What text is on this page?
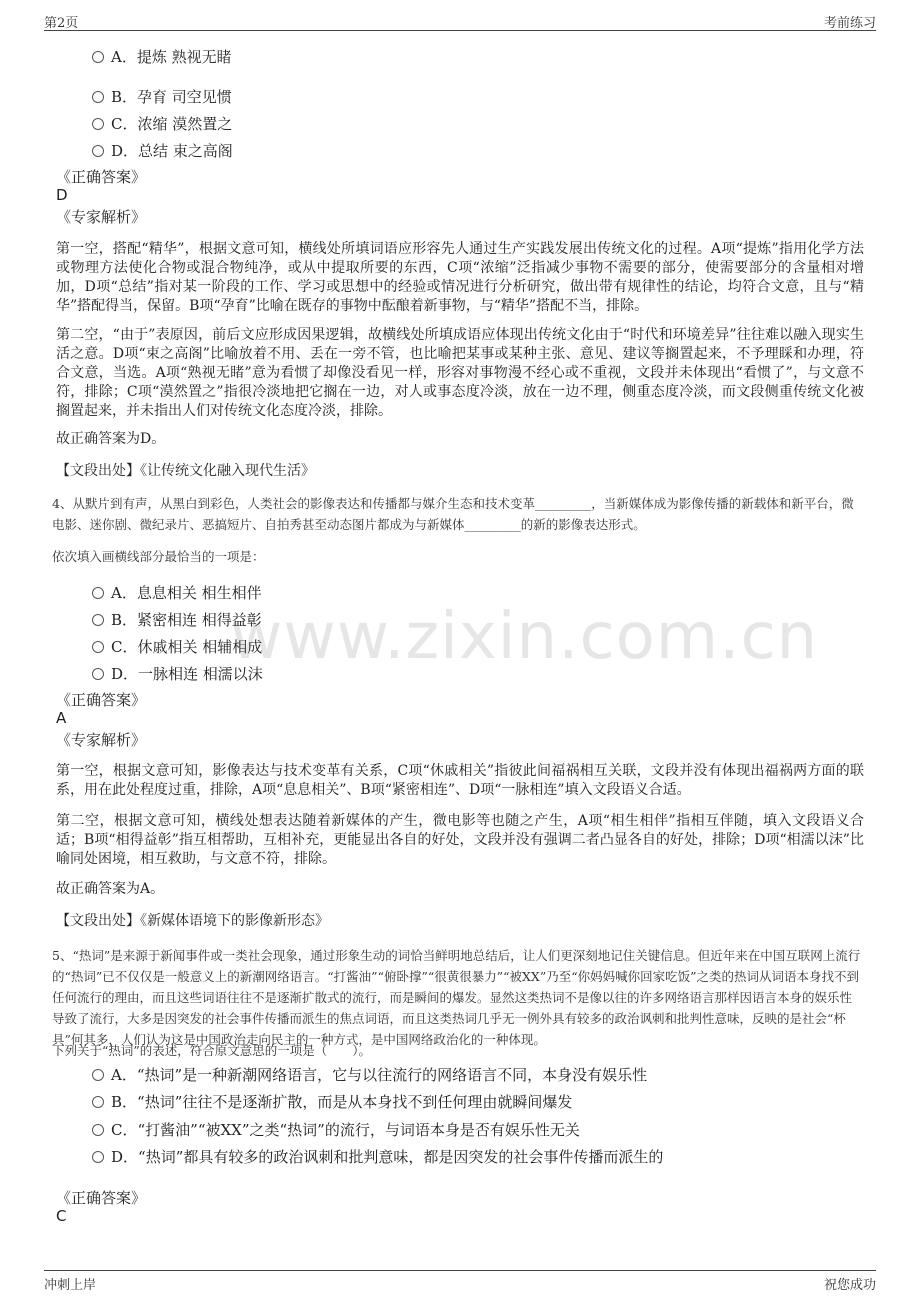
第2页	考前练习
www.zixin.com.cn
A．提炼 熟视无睹
B．孕育 司空见惯
C．浓缩 漠然置之
D．总结 束之高阁
《正确答案》
D
《专家解析》
第一空，搭配“精华”，根据文意可知，横线处所填词语应形容先人通过生产实践发展出传统文化的过程。A项“提炼”指用化学方法或物理方法使化合物或混合物纯净，或从中提取所要的东西，C项“浓缩”泛指减少事物不需要的部分，使需要部分的含量相对增加，D项“总结”指对某一阶段的工作、学习或思想中的经验或情况进行分析研究，做出带有规律性的结论，均符合文意，且与“精华”搭配得当，保留。B项“孕育”比喻在既存的事物中酝酿着新事物，与“精华”搭配不当，排除。
第二空，“由于”表原因，前后文应形成因果逻辑，故横线处所填成语应体现出传统文化由于“时代和环境差异”往往难以融入现实生活之意。D项“束之高阁”比喻放着不用、丢在一旁不管，也比喻把某事或某种主张、意见、建议等搁置起来，不予理睬和办理，符合文意，当选。A项“熟视无睹”意为看惯了却像没看见一样，形容对事物漫不经心或不重视，文段并未体现出“看惯了”，与文意不符，排除；C项“漠然置之”指很冷淡地把它搁在一边，对人或事态度冷淡，放在一边不理，侧重态度冷淡，而文段侧重传统文化被搁置起来，并未指出人们对传统文化态度冷淡，排除。
故正确答案为D。
【文段出处】《让传统文化融入现代生活》
4、从默片到有声，从黑白到彩色，人类社会的影像表达和传播都与媒介生态和技术变革_________，当新媒体成为影像传播的新载体和新平台，微电影、迷你剧、微纪录片、恶搞短片、自拍秀甚至动态图片都成为与新媒体_________的新的影像表达形式。
依次填入画横线部分最恰当的一项是：
A．息息相关 相生相伴
B．紧密相连 相得益彰
C．休戚相关 相辅相成
D．一脉相连 相濡以沫
《正确答案》
A
《专家解析》
第一空，根据文意可知，影像表达与技术变革有关系，C项“休戚相关”指彼此间福祸相互关联，文段并没有体现出福祸两方面的联系，用在此处程度过重，排除，A项“息息相关”、B项“紧密相连”、D项“一脉相连”填入文段语义合适。
第二空，根据文意可知，横线处想表达随着新媒体的产生，微电影等也随之产生，A项“相生相伴”指相互伴随，填入文段语义合适；B项“相得益彰”指互相帮助，互相补充，更能显出各自的好处，文段并没有强调二者凸显各自的好处，排除；D项“相濡以沫”比喻同处困境，相互救助，与文意不符，排除。
故正确答案为A。
【文段出处】《新媒体语境下的影像新形态》
5、“热词”是来源于新闻事件或一类社会现象，通过形象生动的词恰当鲜明地总结后，让人们更深刻地记住关键信息。但近年来在中国互联网上流行的“热词”已不仅仅是一般意义上的新潮网络语言。“打酱油”“俯卧撑”“很黄很暴力”“被XX”乃至“你妈妈喊你回家吃饭”之类的热词从词语本身找不到任何流行的理由，而且这些词语往往不是逐渐扩散式的流行，而是瞬间的爆发。显然这类热词不是像以往的许多网络语言那样因语言本身的娱乐性导致了流行，大多是因突发的社会事件传播而派生的焦点词语，而且这类热词几乎无一例外具有较多的政治讽刺和批判性意味，反映的是社会“杯具”何其多，人们认为这是中国政治走向民主的一种方式，是中国网络政治化的一种体现。
下列关于“热词”的表述，符合原文意思的一项是（　　）。
A．“热词”是一种新潮网络语言，它与以往流行的网络语言不同，本身没有娱乐性
B．“热词”往往不是逐渐扩散，而是从本身找不到任何理由就瞬间爆发
C．“打酱油”“被XX”之类“热词”的流行，与词语本身是否有娱乐性无关
D．“热词”都具有较多的政治讽刺和批判意味，都是因突发的社会事件传播而派生的
《正确答案》
C
冲刺上岸	祝您成功
